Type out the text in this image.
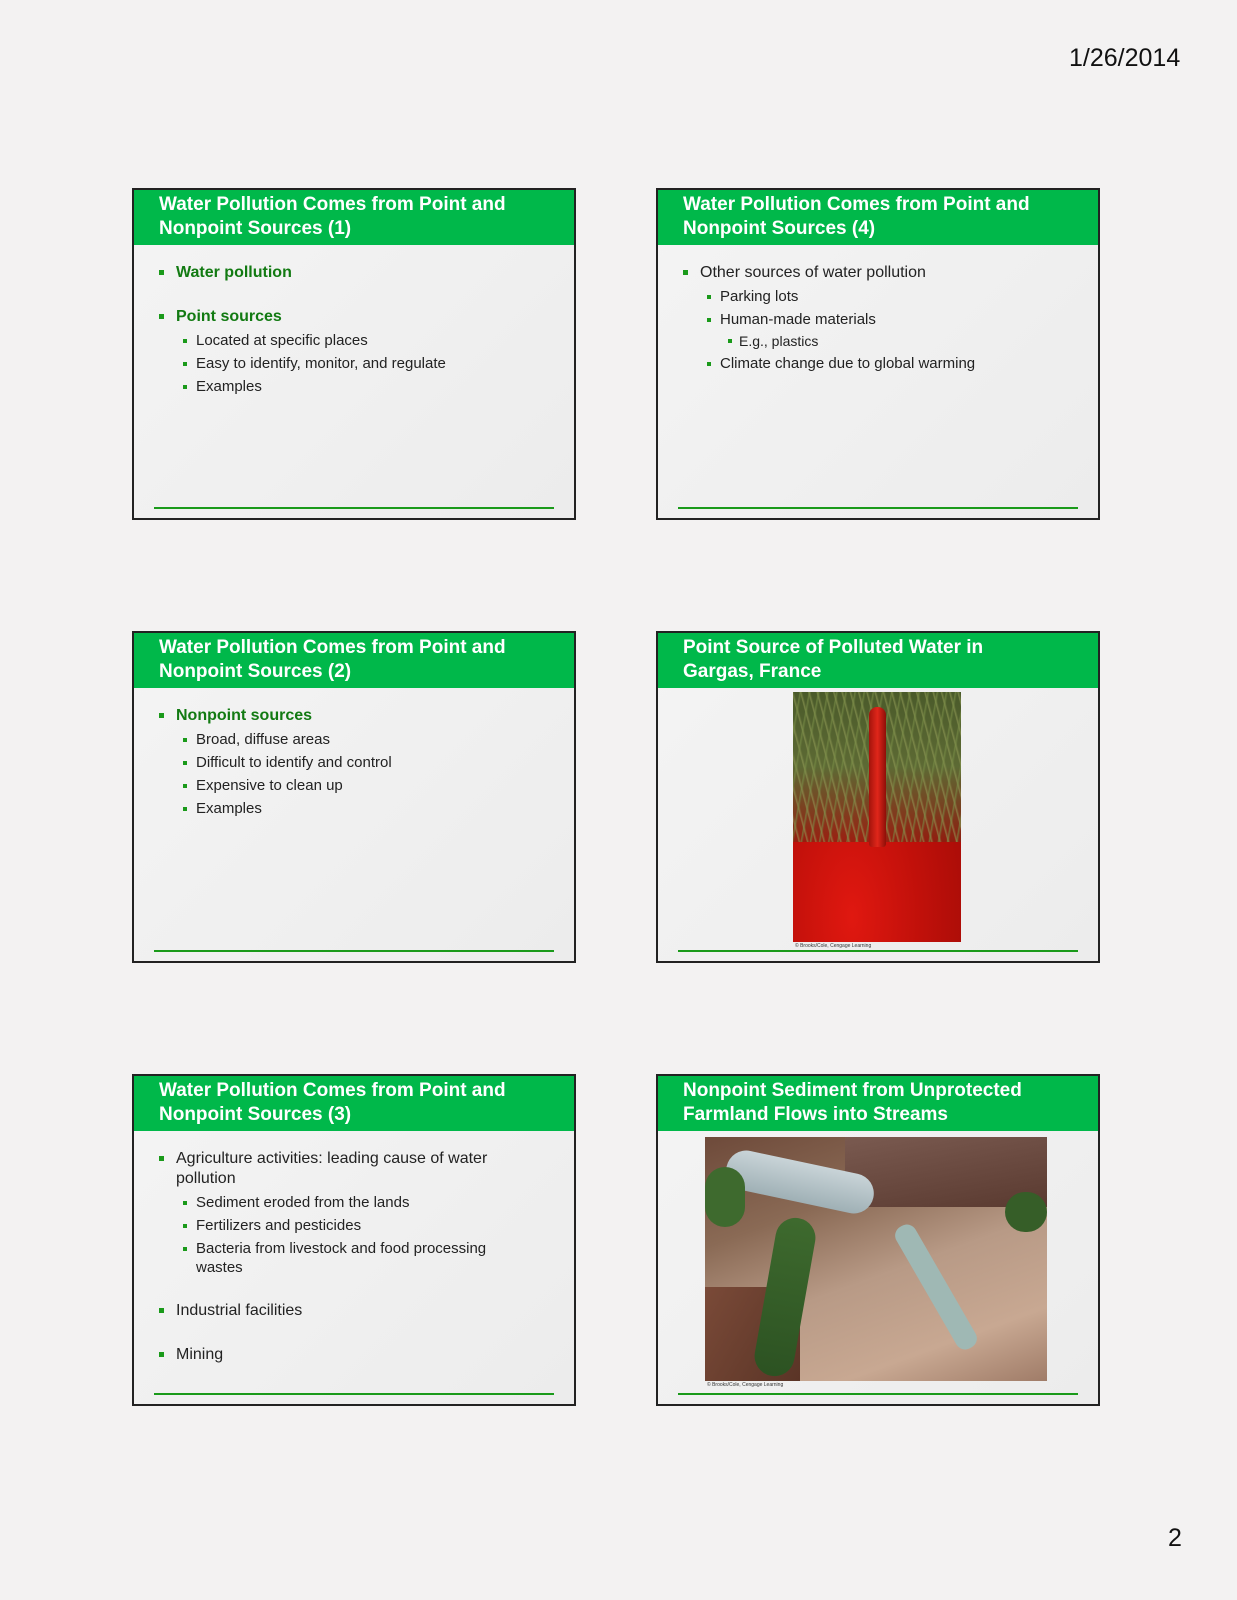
1/26/2014
Water Pollution Comes from Point and
Nonpoint Sources (1)
Water pollution
Point sources
Located at specific places
Easy to identify, monitor, and regulate
Examples
Water Pollution Comes from Point and
Nonpoint Sources (4)
Other sources of water pollution
Parking lots
Human-made materials
E.g., plastics
Climate change due to global warming
Water Pollution Comes from Point and
Nonpoint Sources (2)
Nonpoint sources
Broad, diffuse areas
Difficult to identify and control
Expensive to clean up
Examples
Point Source of Polluted Water in
Gargas, France
© Brooks/Cole, Cengage Learning
Water Pollution Comes from Point and
Nonpoint Sources (3)
Agriculture activities: leading cause of water pollution
Sediment eroded from the lands
Fertilizers and pesticides
Bacteria from livestock and food processing wastes
Industrial facilities
Mining
Nonpoint Sediment from Unprotected
Farmland Flows into Streams
© Brooks/Cole, Cengage Learning
2
